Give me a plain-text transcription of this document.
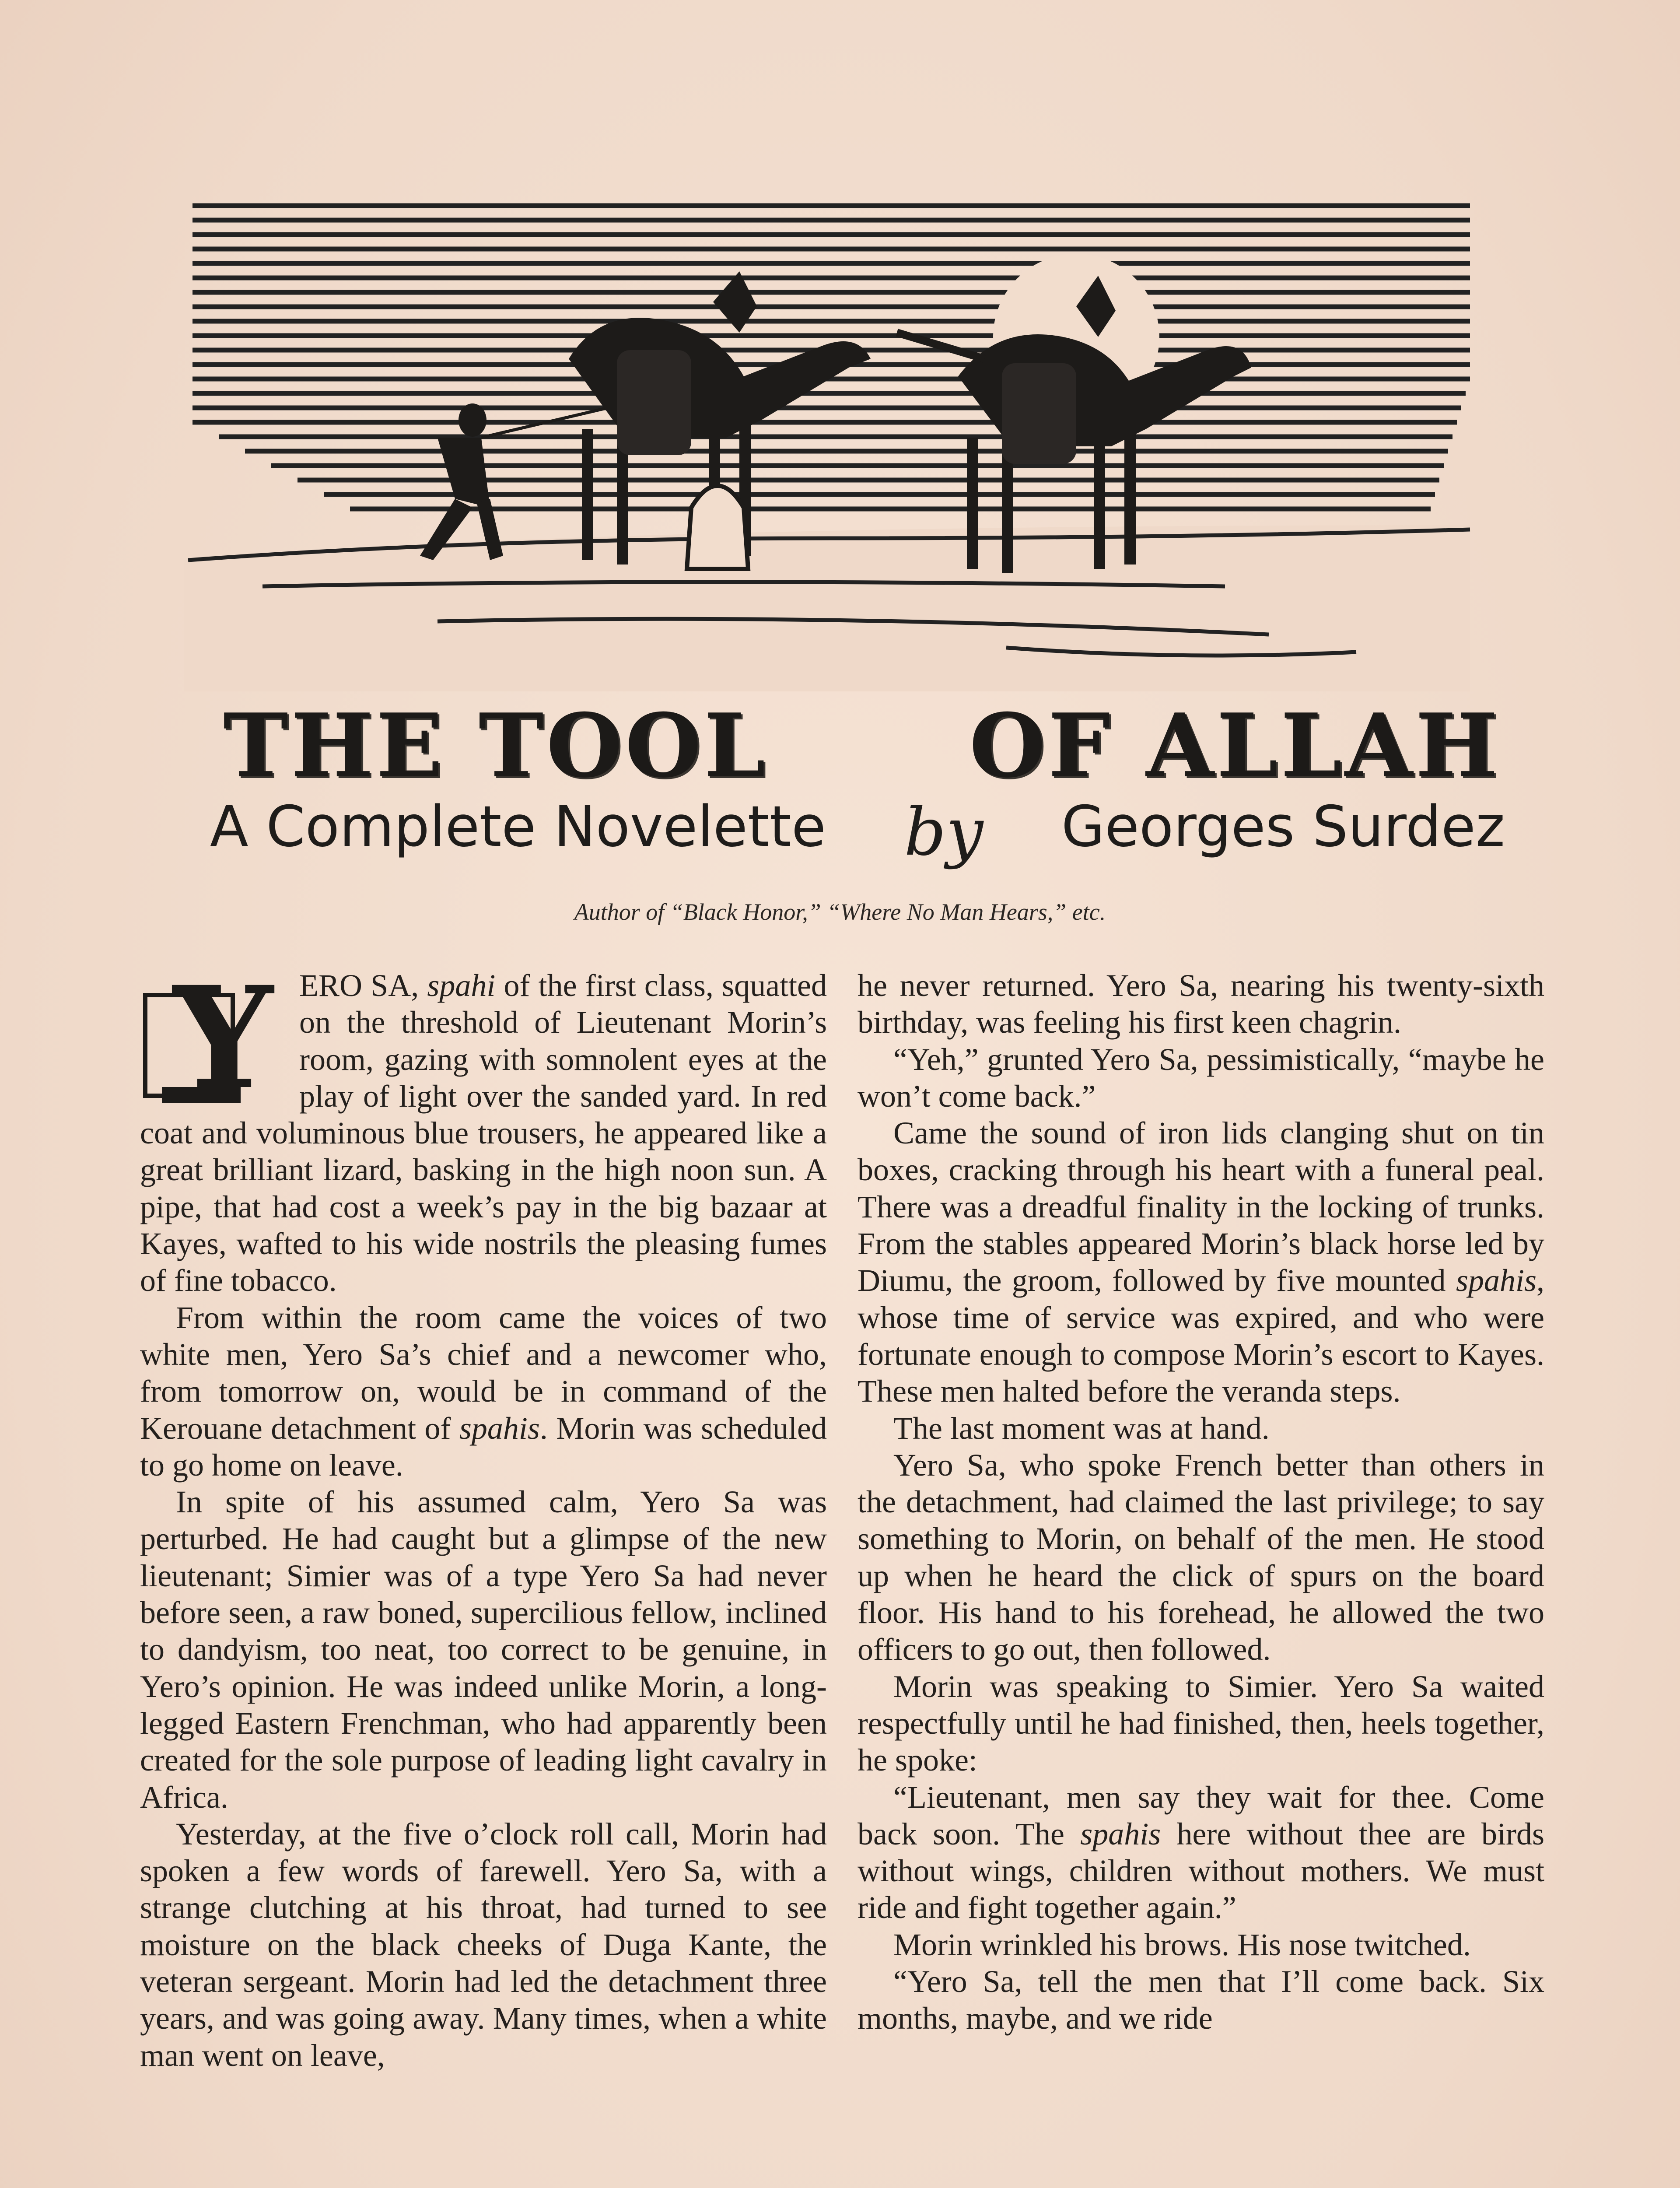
THE TOOL OF ALLAH
A Complete Novelette by Georges Surdez
Author of “Black Honor,” “Where No Man Hears,” etc.
Y ERO SA, spahi of the first class, squatted on the threshold of Lieutenant Morin’s room, gazing with somnolent eyes at the play of light over the sanded yard. In red coat and voluminous blue trousers, he appeared like a great brilliant lizard, basking in the high noon sun. A pipe, that had cost a week’s pay in the big bazaar at Kayes, wafted to his wide nostrils the pleasing fumes of fine tobacco.

From within the room came the voices of two white men, Yero Sa’s chief and a newcomer who, from tomorrow on, would be in command of the Kerouane detachment of spahis. Morin was scheduled to go home on leave.

In spite of his assumed calm, Yero Sa was perturbed. He had caught but a glimpse of the new lieutenant; Simier was of a type Yero Sa had never before seen, a raw boned, supercilious fellow, inclined to dandyism, too neat, too correct to be genuine, in Yero’s opinion. He was indeed unlike Morin, a long-legged Eastern Frenchman, who had apparently been created for the sole purpose of leading light cavalry in Africa.

Yesterday, at the five o’clock roll call, Morin had spoken a few words of farewell. Yero Sa, with a strange clutching at his throat, had turned to see moisture on the black cheeks of Duga Kante, the veteran sergeant. Morin had led the detachment three years, and was going away. Many times, when a white man went on leave,

he never returned. Yero Sa, nearing his twenty-sixth birthday, was feeling his first keen chagrin.

“Yeh,” grunted Yero Sa, pessimistically, “maybe he won’t come back.”

Came the sound of iron lids clanging shut on tin boxes, cracking through his heart with a funeral peal. There was a dreadful finality in the locking of trunks. From the stables appeared Morin’s black horse led by Diumu, the groom, followed by five mounted spahis, whose time of service was expired, and who were fortunate enough to compose Morin’s escort to Kayes. These men halted before the veranda steps.

The last moment was at hand.

Yero Sa, who spoke French better than others in the detachment, had claimed the last privilege; to say something to Morin, on behalf of the men. He stood up when he heard the click of spurs on the board floor. His hand to his forehead, he allowed the two officers to go out, then followed.

Morin was speaking to Simier. Yero Sa waited respectfully until he had finished, then, heels together, he spoke:

“Lieutenant, men say they wait for thee. Come back soon. The spahis here without thee are birds without wings, children without mothers. We must ride and fight together again.”

Morin wrinkled his brows. His nose twitched.

“Yero Sa, tell the men that I’ll come back. Six months, maybe, and we ride
